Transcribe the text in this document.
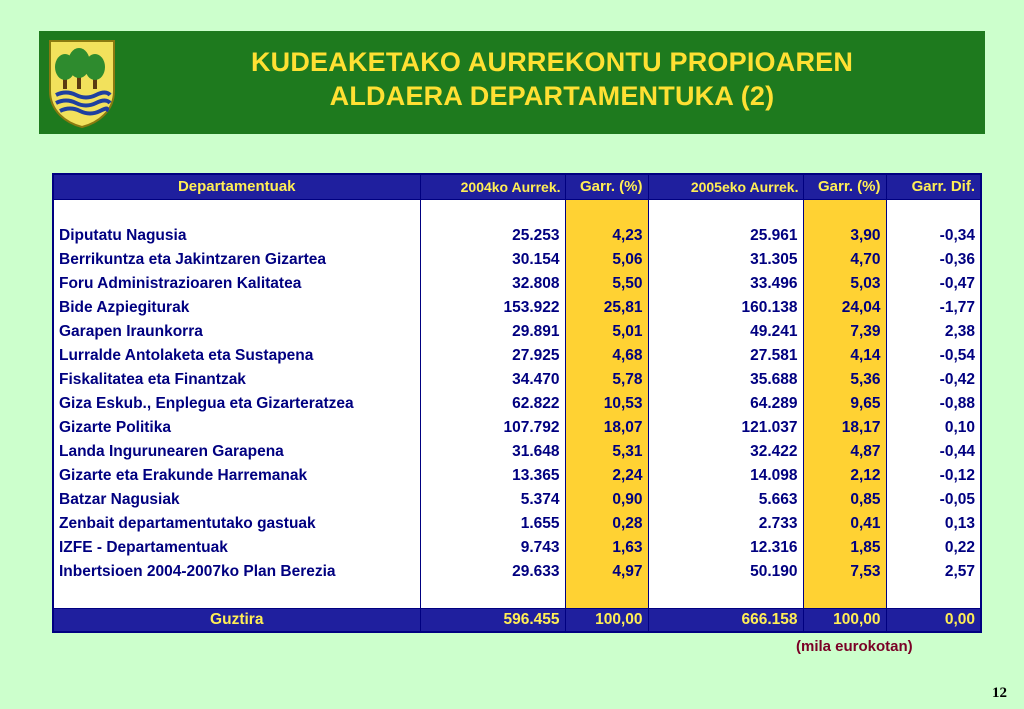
KUDEAKETAKO AURREKONTU PROPIOAREN
ALDAERA DEPARTAMENTUKA (2)
Departamentuak	2004ko Aurrek.	Garr. (%)	2005eko Aurrek.	Garr. (%)	Garr. Dif.

Diputatu Nagusia	25.253	4,23	25.961	3,90	-0,34
Berrikuntza eta Jakintzaren Gizartea	30.154	5,06	31.305	4,70	-0,36
Foru Administrazioaren Kalitatea	32.808	5,50	33.496	5,03	-0,47
Bide Azpiegiturak	153.922	25,81	160.138	24,04	-1,77
Garapen Iraunkorra	29.891	5,01	49.241	7,39	2,38
Lurralde Antolaketa eta Sustapena	27.925	4,68	27.581	4,14	-0,54
Fiskalitatea eta Finantzak	34.470	5,78	35.688	5,36	-0,42
Giza Eskub., Enplegua eta Gizarteratzea	62.822	10,53	64.289	9,65	-0,88
Gizarte Politika	107.792	18,07	121.037	18,17	0,10
Landa Ingurunearen Garapena	31.648	5,31	32.422	4,87	-0,44
Gizarte eta Erakunde Harremanak	13.365	2,24	14.098	2,12	-0,12
Batzar Nagusiak	5.374	0,90	5.663	0,85	-0,05
Zenbait departamentutako gastuak	1.655	0,28	2.733	0,41	0,13
IZFE - Departamentuak	9.743	1,63	12.316	1,85	0,22
Inbertsioen 2004-2007ko Plan Berezia	29.633	4,97	50.190	7,53	2,57

Guztira	596.455	100,00	666.158	100,00	0,00
(mila eurokotan)
12
